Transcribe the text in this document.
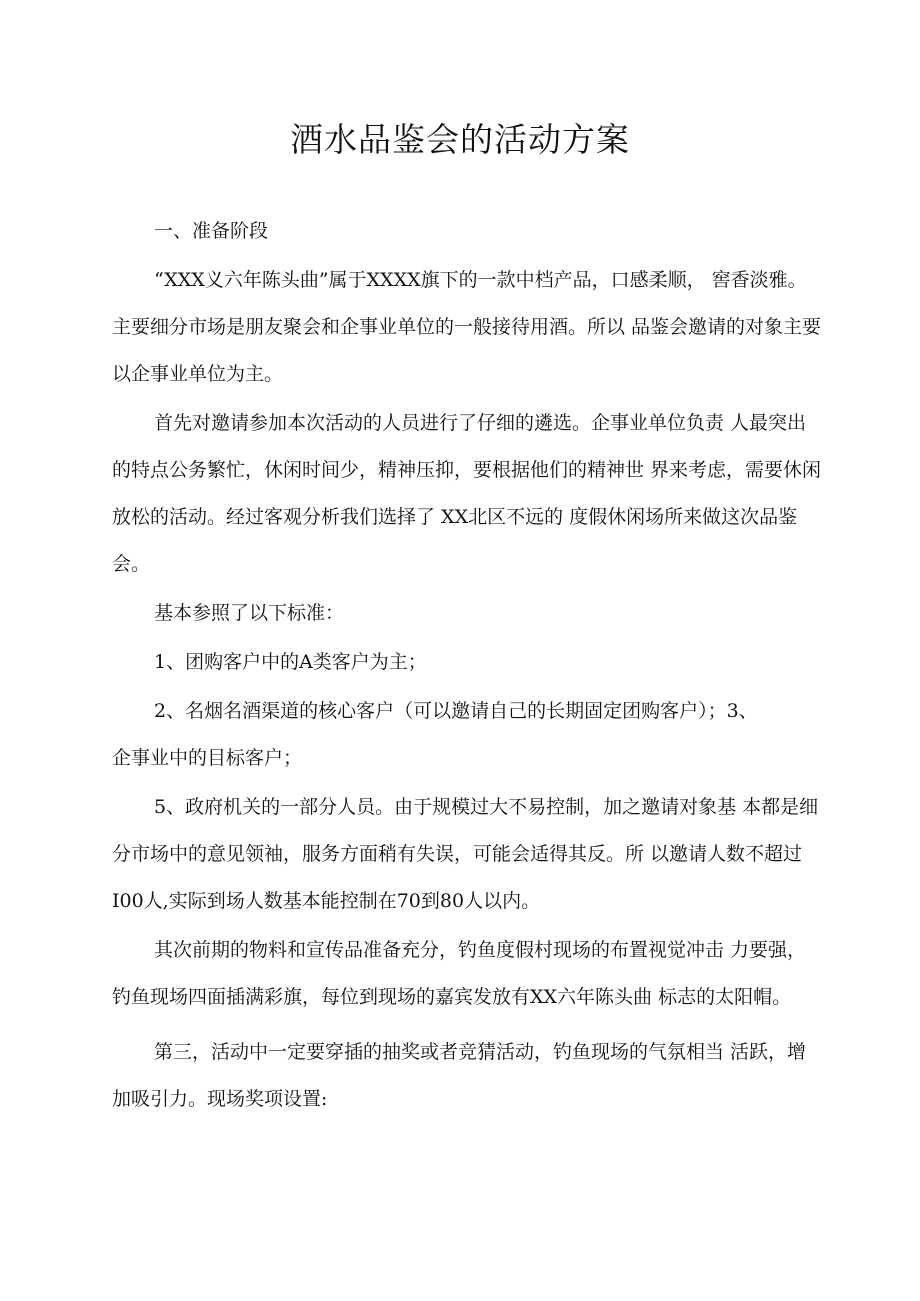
酒水品鉴会的活动方案
一、准备阶段

“XXX义六年陈头曲”属于XXXX旗下的一款中档产品，口感柔顺， 窖香淡雅。主要细分市场是朋友聚会和企事业单位的一般接待用酒。所以 品鉴会邀请的对象主要以企事业单位为主。

首先对邀请参加本次活动的人员进行了仔细的遴选。企事业单位负责 人最突出的特点公务繁忙，休闲时间少，精神压抑，要根据他们的精神世 界来考虑，需要休闲放松的活动。经过客观分析我们选择了 XX北区不远的 度假休闲场所来做这次品鉴会。

基本参照了以下标准：

1、团购客户中的A类客户为主；

2、名烟名酒渠道的核心客户（可以邀请自己的长期固定团购客户）；3、

企事业中的目标客户；

5、政府机关的一部分人员。由于规模过大不易控制，加之邀请对象基 本都是细分市场中的意见领袖，服务方面稍有失误，可能会适得其反。所 以邀请人数不超过I00人,实际到场人数基本能控制在70到80人以内。

其次前期的物料和宣传品准备充分，钓鱼度假村现场的布置视觉冲击 力要强，钓鱼现场四面插满彩旗，每位到现场的嘉宾发放有XX六年陈头曲 标志的太阳帽。

第三，活动中一定要穿插的抽奖或者竞猜活动，钓鱼现场的气氛相当 活跃，增加吸引力。现场奖项设置:
